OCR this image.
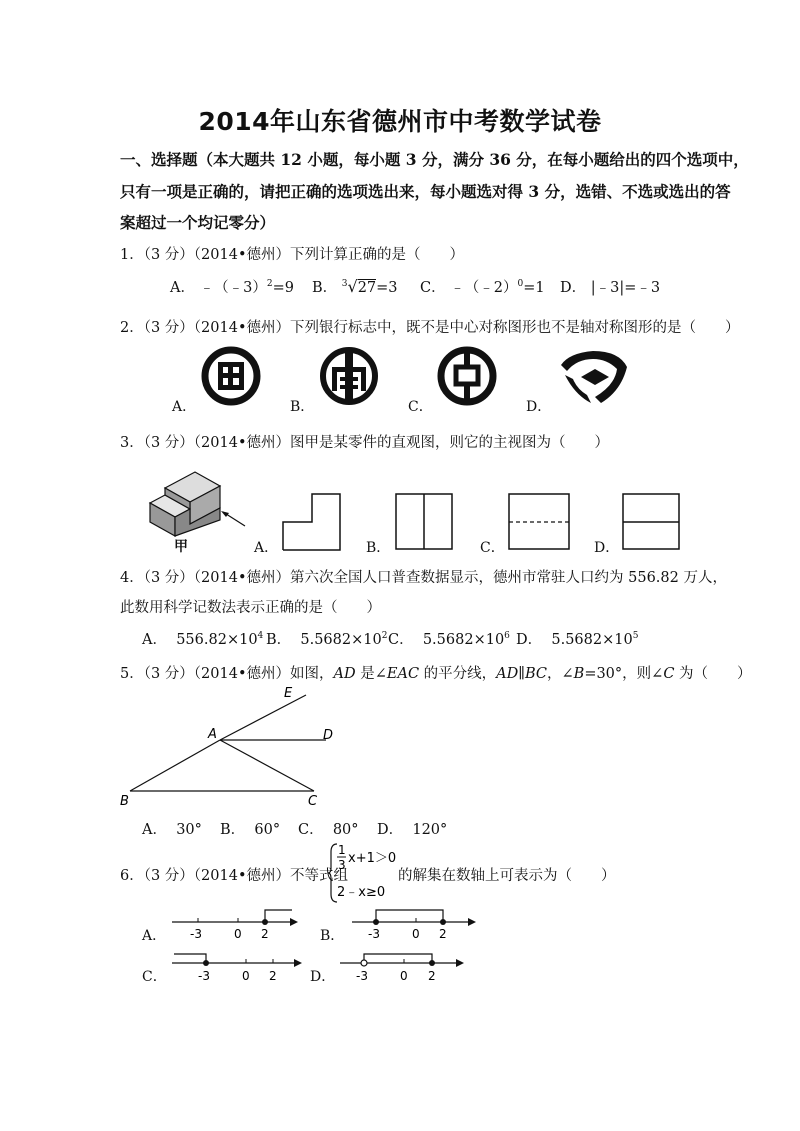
2014年山东省德州市中考数学试卷
一、选择题（本大题共 12 小题，每小题 3 分，满分 36 分，在每小题给出的四个选项中，
只有一项是正确的，请把正确的选项选出来，每小题选对得 3 分，选错、不选或选出的答
案超过一个均记零分）
1．（3 分）（2014•德州）下列计算正确的是（　　）
A． ﹣（﹣3）$^2$=9 B． $^3$√27=3 C． ﹣（﹣2）$^0$=1 D． |﹣3|=﹣3
2．（3 分）（2014•德州）下列银行标志中，既不是中心对称图形也不是轴对称图形的是（　　）
A．	B．	C．	D．
3．（3 分）（2014•德州）图甲是某零件的直观图，则它的主视图为（　　）
甲	A．	B．	C．	D．
4．（3 分）（2014•德州）第六次全国人口普查数据显示，德州市常驻人口约为 556.82 万人，
此数用科学记数法表示正确的是（　　）
A． $556.82\times 10^4$ B． $5.5682\times 10^2$ C． $5.5682\times 10^6$ D． $5.5682\times 10^5$
5．（3 分）（2014•德州）如图，AD 是∠EAC 的平分线，AD∥BC，∠B=30°，则∠C 为（　　）
E
A	D
B	C
A． 30° B． 60° C． 80° D． 120°
6．（3 分）（2014•德州）不等式组
1
3 x+1＞0
2﹣x≥0
的解集在数轴上可表示为（　　）
A． -3	0 2	B． -3	0 2
C．	-3	0 2 D． -3	0 2
